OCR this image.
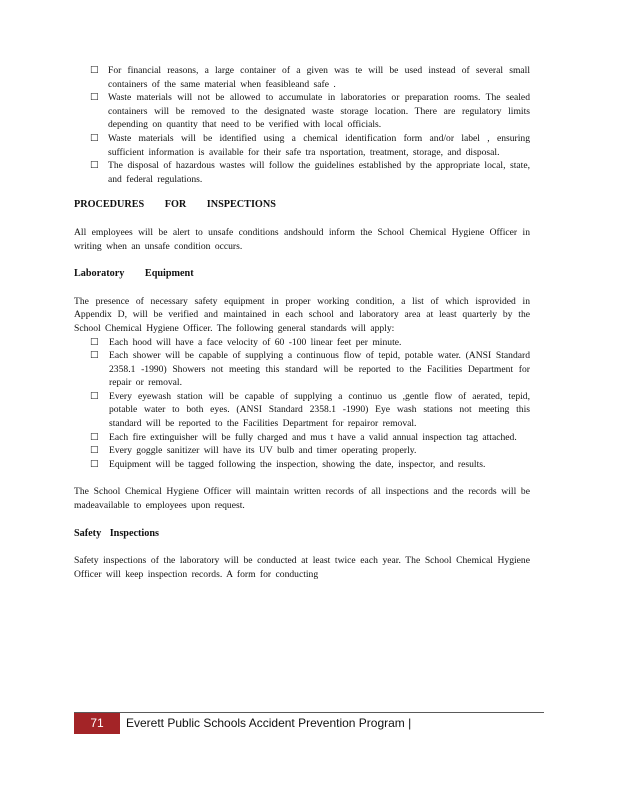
□ For financial reasons, a large container of a given was te will be used instead of several small containers of the same material when feasibleand safe .
□ Waste materials will not be allowed to accumulate in laboratories or preparation rooms. The sealed containers will be removed to the designated waste storage location. There are regulatory limits depending on quantity that need to be verified with local officials.
□ Waste materials will be identified using a chemical identification form and/or label , ensuring sufficient information is available for their safe tra nsportation, treatment, storage, and disposal.
□ The disposal of hazardous wastes will follow the guidelines established by the appropriate local, state, and federal regulations.
PROCEDURES FOR INSPECTIONS

All employees will be alert to unsafe conditions andshould inform the School Chemical Hygiene Officer in writing when an unsafe condition occurs.

Laboratory Equipment

The presence of necessary safety equipment in proper working condition, a list of which isprovided in Appendix D, will be verified and maintained in each school and laboratory area at least quarterly by the School Chemical Hygiene Officer. The following general standards will apply:

□ Each hood will have a face velocity of 60 -100 linear feet per minute.
□ Each shower will be capable of supplying a continuous flow of tepid, potable water. (ANSI Standard 2358.1 -1990) Showers not meeting this standard will be reported to the Facilities Department for repair or removal.
□ Every eyewash station will be capable of supplying a continuo us ,gentle flow of aerated, tepid, potable water to both eyes. (ANSI Standard 2358.1 -1990) Eye wash stations not meeting this standard will be reported to the Facilities Department for repairor removal.
□ Each fire extinguisher will be fully charged and mus t have a valid annual inspection tag attached.
□ Every goggle sanitizer will have its UV bulb and timer operating properly.
□ Equipment will be tagged following the inspection, showing the date, inspector, and results.

The School Chemical Hygiene Officer will maintain written records of all inspections and the records will be madeavailable to employees upon request.

Safety Inspections

Safety inspections of the laboratory will be conducted at least twice each year. The School Chemical Hygiene Officer will keep inspection records. A form for conducting

71	Everett Public Schools Accident Prevention Program |
